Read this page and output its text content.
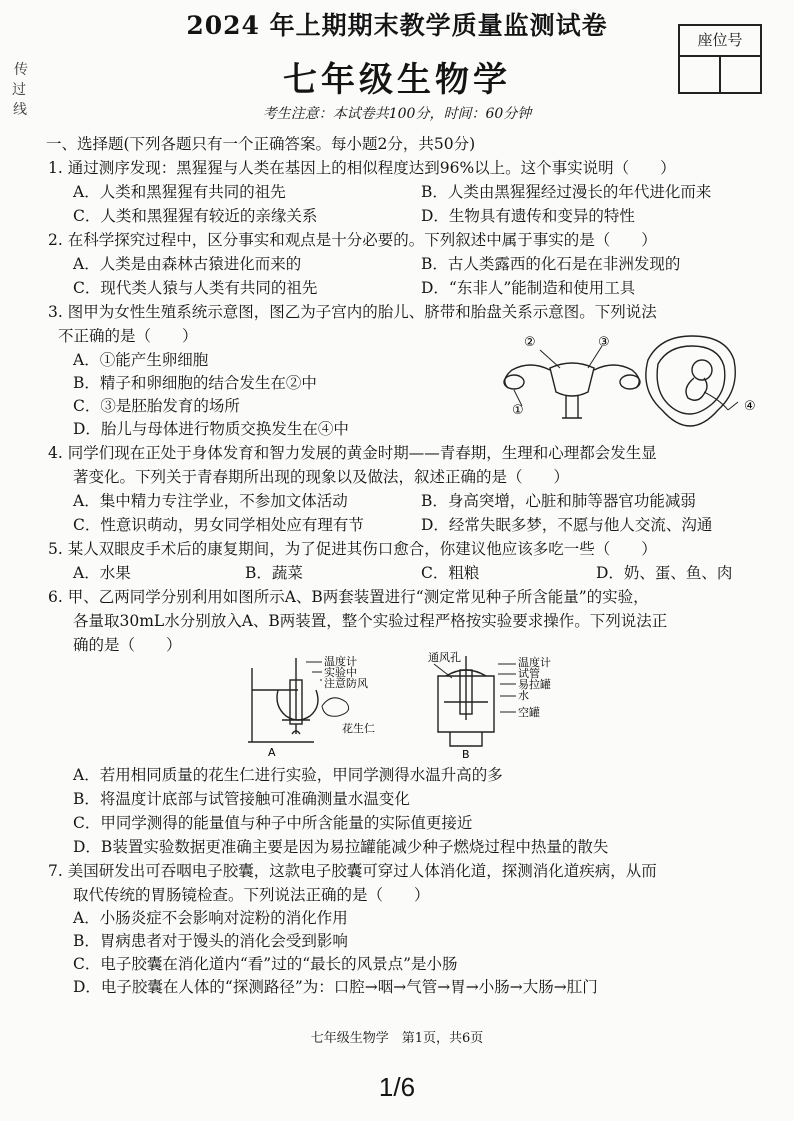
2024 年上期期末教学质量监测试卷
七年级生物学
考生注意：本试卷共100分，时间：60分钟
座位号
传
过
线
一、选择题(下列各题只有一个正确答案。每小题2分，共50分)
1. 通过测序发现：黑猩猩与人类在基因上的相似程度达到96%以上。这个事实说明（　　）
A．人类和黑猩猩有共同的祖先	B．人类由黑猩猩经过漫长的年代进化而来
C．人类和黑猩猩有较近的亲缘关系	D．生物具有遗传和变异的特性
2. 在科学探究过程中，区分事实和观点是十分必要的。下列叙述中属于事实的是（　　）
A．人类是由森林古猿进化而来的	B．古人类露西的化石是在非洲发现的
C．现代类人猿与人类有共同的祖先	D．“东非人”能制造和使用工具
3. 图甲为女性生殖系统示意图，图乙为子宫内的胎儿、脐带和胎盘关系示意图。下列说法
不正确的是（　　）
A．①能产生卵细胞
B．精子和卵细胞的结合发生在②中
C．③是胚胎发育的场所
D．胎儿与母体进行物质交换发生在④中
②	③
①	④
4. 同学们现在正处于身体发育和智力发展的黄金时期——青春期，生理和心理都会发生显
著变化。下列关于青春期所出现的现象以及做法，叙述正确的是（　　）
A．集中精力专注学业，不参加文体活动	B．身高突增，心脏和肺等器官功能减弱
C．性意识萌动，男女同学相处应有理有节	D．经常失眠多梦，不愿与他人交流、沟通
5. 某人双眼皮手术后的康复期间，为了促进其伤口愈合，你建议他应该多吃一些（　　）
A．水果	B．蔬菜	C．粗粮	D．奶、蛋、鱼、肉
6. 甲、乙两同学分别利用如图所示A、B两套装置进行“测定常见种子所含能量”的实验，
各量取30mL水分别放入A、B两装置，整个实验过程严格按实验要求操作。下列说法正
确的是（　　）
温度计
实验中
注意防风
花生仁
A
通风孔	温度计
试管
易拉罐
水
空罐
B
A．若用相同质量的花生仁进行实验，甲同学测得水温升高的多
B．将温度计底部与试管接触可准确测量水温变化
C．甲同学测得的能量值与种子中所含能量的实际值更接近
D．B装置实验数据更准确主要是因为易拉罐能减少种子燃烧过程中热量的散失
7. 美国研发出可吞咽电子胶囊，这款电子胶囊可穿过人体消化道，探测消化道疾病，从而
取代传统的胃肠镜检查。下列说法正确的是（　　）
A．小肠炎症不会影响对淀粉的消化作用
B．胃病患者对于馒头的消化会受到影响
C．电子胶囊在消化道内“看”过的“最长的风景点”是小肠
D．电子胶囊在人体的“探测路径”为：口腔→咽→气管→胃→小肠→大肠→肛门
七年级生物学　第1页，共6页
1/6
